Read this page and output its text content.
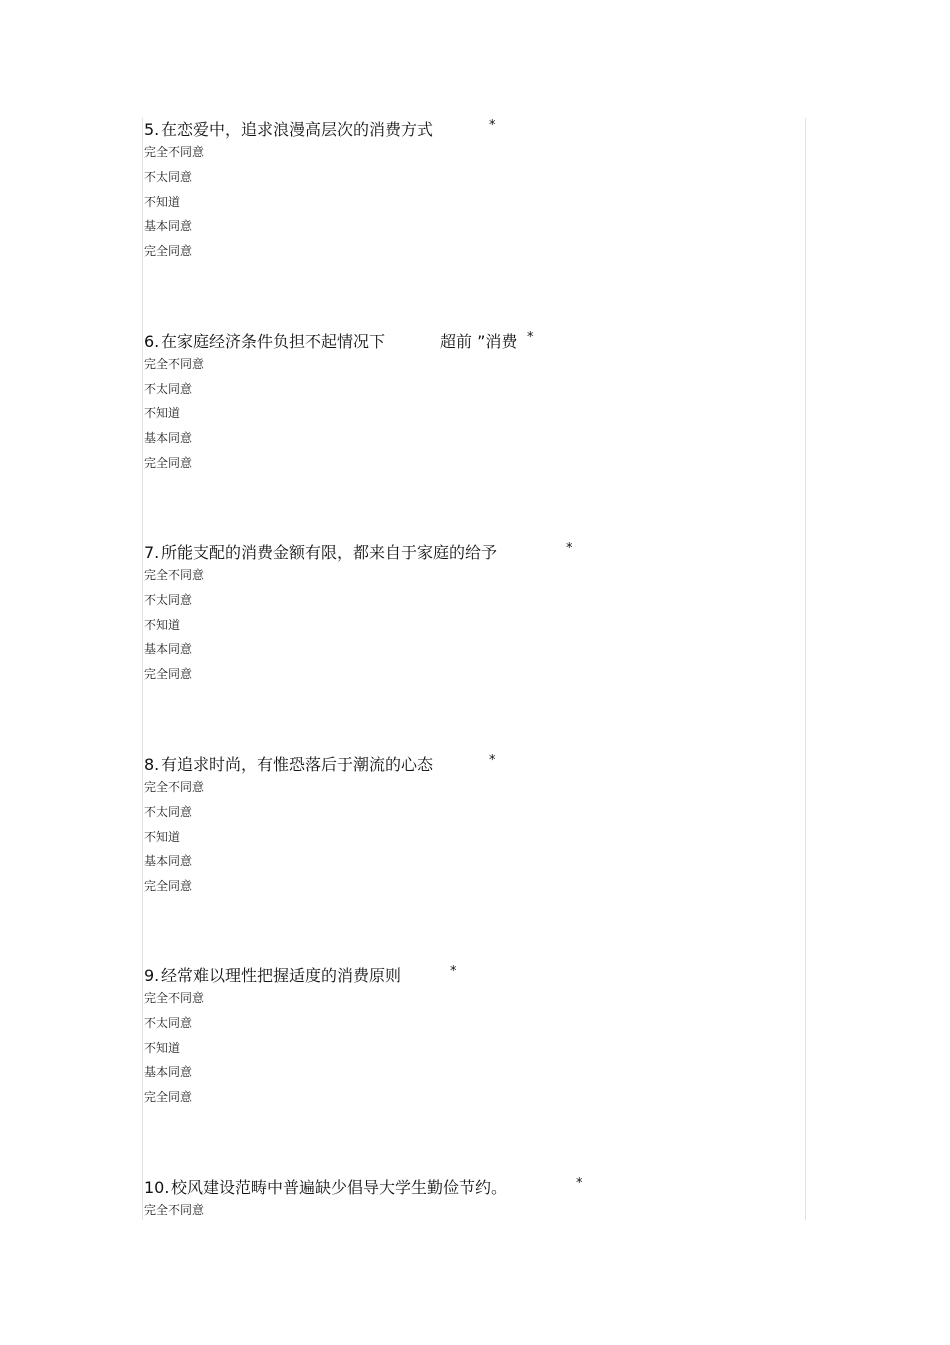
5. 在恋爱中，追求浪漫高层次的消费方式	*
完全不同意
不太同意
不知道
基本同意
完全同意
6. 在家庭经济条件负担不起情况下	超前 ”消费 *
完全不同意
不太同意
不知道
基本同意
完全同意
7. 所能支配的消费金额有限，都来自于家庭的给予	*
完全不同意
不太同意
不知道
基本同意
完全同意
8. 有追求时尚，有惟恐落后于潮流的心态	*
完全不同意
不太同意
不知道
基本同意
完全同意
9. 经常难以理性把握适度的消费原则	*
完全不同意
不太同意
不知道
基本同意
完全同意
10. 校风建设范畴中普遍缺少倡导大学生勤俭节约。	*
完全不同意
